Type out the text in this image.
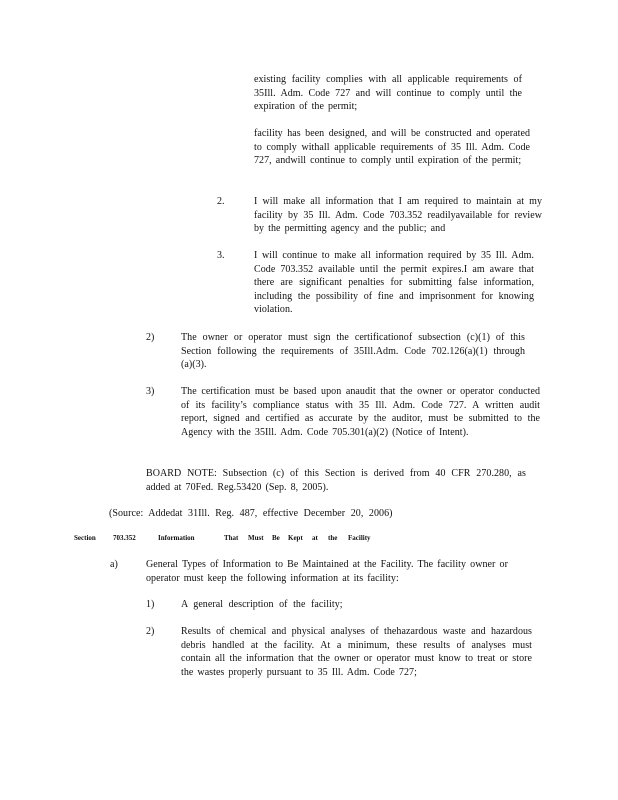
existing facility complies with all applicable requirements of 35Ill. Adm. Code 727 and will continue to comply until the expiration of the permit;
facility has been designed, and will be constructed and operated to comply withall applicable requirements of 35 Ill. Adm. Code 727, andwill continue to comply until expiration of the permit;
2.	I will make all information that I am required to maintain at my facility by 35 Ill. Adm. Code 703.352 readilyavailable for review by the permitting agency and the public; and
3.	I will continue to make all information required by 35 Ill. Adm. Code 703.352 available until the permit expires.I am aware that there are significant penalties for submitting false information, including the possibility of fine and imprisonment for knowing violation.
2)	The owner or operator must sign the certificationof subsection (c)(1) of this Section following the requirements of 35Ill.Adm. Code 702.126(a)(1) through (a)(3).
3)	The certification must be based upon anaudit that the owner or operator conducted of its facility’s compliance status with 35 Ill. Adm. Code 727. A written audit report, signed and certified as accurate by the auditor, must be submitted to the Agency with the 35Ill. Adm. Code 705.301(a)(2) (Notice of Intent).
BOARD NOTE: Subsection (c) of this Section is derived from 40 CFR 270.280, as added at 70Fed. Reg.53420 (Sep. 8, 2005).
(Source: Addedat 31Ill. Reg. 487, effective December 20, 2006)
Section 703.352	Information	That Must Be Kept at the Facility
a)	General Types of Information to Be Maintained at the Facility. The facility owner or operator must keep the following information at its facility:
1)	A general description of the facility;
2)	Results of chemical and physical analyses of thehazardous waste and hazardous debris handled at the facility. At a minimum, these results of analyses must contain all the information that the owner or operator must know to treat or store the wastes properly pursuant to 35 Ill. Adm. Code 727;
